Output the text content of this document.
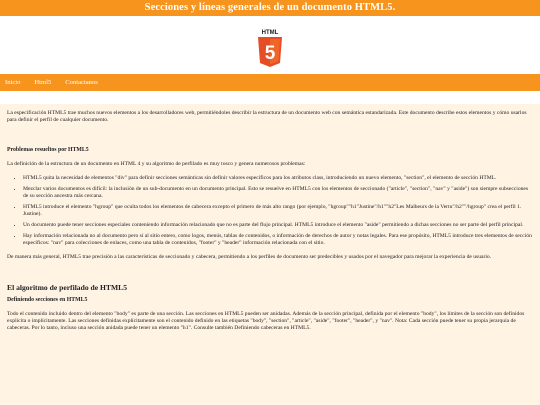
Secciones y líneas generales de un documento HTML5.
HTML
5
Inicio Html5 Contactanos

La especificación HTML5 trae muchos nuevos elementos a los desarrolladores web, permitiéndoles describir la estructura de un documento web con semántica estandarizada. Este documento describe estos elementos y cómo usarlos para definir el perfil de cualquier documento.

Problemas resueltos por HTML5

La definición de la estructura de un documento en HTML 4 y su algoritmo de perfilado es muy tosco y genera numerosos problemas:

• HTML5 quita la necesidad de elementos "div" para definir secciones semánticas sin definir valores específicos para los atributos class, introduciendo un nuevo elemento, "section", el elemento de sección HTML.
• Mezclar varios documentos es difícil: la inclusión de un sub-documento en un documento principal. Esto se resuelve en HTML5 con los elementos de seccionado ("article", "section", "nav" y "aside") son siempre subsecciones de su sección ancestra más cercana.
• HTML5 introduce el elemento "hgroup" que oculta todos los elementos de cabecera excepto el primero de más alto rango (por ejemplo, "hgroup""h1"Justine"/h1""h2"Les Malheurs de la Vertu"/h2""/hgroup" crea el perfil 1. Justine).
• Un documento puede tener secciones especiales conteniendo información relacionado que no es parte del flujo principal. HTML5 introduce el elemento "aside" permitiendo a dichas secciones no ser parte del perfil principal.
• Hay información relacionada no al documento pero sí al sitio entero, como logos, menús, tablas de contenidos, o información de derechos de autor y notas legales. Para ese propósito, HTML5 introduce tres elementos de sección específicos: "nav" para colecciones de enlaces, como una tabla de contenidos, "footer" y "header" información relacionada con el sitio.

De manera más general, HTML5 trae precisión a las características de seccionado y cabecera, permitiendo a los perfiles de documento ser predecibles y usados por el navegador para mejorar la experiencia de usuario.

El algoritmo de perfilado de HTML5
Definiendo secciones en HTML5

Todo el contenido incluido dentro del elemento "body" es parte de una sección. Las secciones en HTML5 pueden ser anidadas. Además de la sección principal, definida por el elemento "body", los límites de la sección son definidos explícita o implícitamente. Las secciones definidas explícitamente son el contenido definido en las etiquetas "body", "section", "article", "aside", "footer", "header", y "nav". Nota: Cada sección puede tener su propia jerarquía de cabeceras. Por lo tanto, incluso una sección anidada puede tener un elemento "h1". Consulte también Definiendo cabeceras en HTML5.
